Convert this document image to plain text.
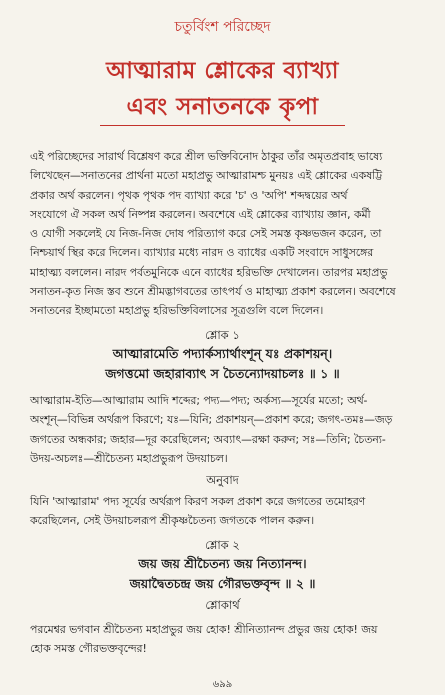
চতুর্বিংশ পরিচ্ছেদ
আত্মারাম শ্লোকের ব্যাখ্যা
এবং সনাতনকে কৃপা
এই পরিচ্ছেদের সারার্থ বিশ্লেষণ করে শ্রীল ভক্তিবিনোদ ঠাকুর তাঁর অমৃতপ্রবাহ ভাষ্যে
লিখেছেন—সনাতনের প্রার্থনা মতো মহাপ্রভু আত্মারামশ্চ মুনয়ঃ এই শ্লোকের একষট্টি
প্রকার অর্থ করলেন। পৃথক পৃথক পদ ব্যাখ্যা করে 'চ' ও 'অপি' শব্দদ্বয়ের অর্থ
সংযোগে ঐ সকল অর্থ নিষ্পন্ন করলেন। অবশেষে এই শ্লোকের ব্যাখ্যায় জ্ঞান, কর্মী
ও যোগী সকলেই যে নিজ-নিজ দোষ পরিত্যাগ করে সেই সমস্ত কৃষ্ণভজন করেন, তা
নিশ্চয়ার্থ স্থির করে দিলেন। ব্যাখ্যার মধ্যে নারদ ও ব্যাধের একটি সংবাদে সাধুসঙ্গের
মাহাত্ম্য বললেন। নারদ পর্বতমুনিকে এনে ব্যাধের হরিভক্তি দেখালেন। তারপর মহাপ্রভু
সনাতন-কৃত নিজ স্তব শুনে শ্রীমদ্ভাগবতের তাৎপর্য ও মাহাত্ম্য প্রকাশ করলেন। অবশেষে
সনাতনের ইচ্ছামতো মহাপ্রভু হরিভক্তিবিলাসের সূত্রগুলি বলে দিলেন।
শ্লোক ১
আত্মারামেতি পদ্যার্কস্যার্থাংশূন্‌ যঃ প্রকাশয়ন্‌।
জগত্তমো জহারাব্যাৎ স চৈতন্যোদয়াচলঃ ॥ ১ ॥
আত্মারাম-ইতি—আত্মারাম আদি শব্দের; পদ্য—পদ্য; অর্কস্য—সূর্যের মতো; অর্থ-
অংশূন্‌—বিভিন্ন অর্থরূপ কিরণে; যঃ—যিনি; প্রকাশয়ন্‌—প্রকাশ করে; জগৎ-তমঃ—জড়
জগতের অন্ধকার; জহার—দূর করেছিলেন; অব্যাৎ—রক্ষা করুন; সঃ—তিনি; চৈতন্য-
উদয়-অচলঃ—শ্রীচৈতন্য মহাপ্রভুরূপ উদয়াচল।
অনুবাদ
যিনি 'আত্মারাম' পদ্য সূর্যের অর্থরূপ কিরণ সকল প্রকাশ করে জগতের তমোহরণ
করেছিলেন, সেই উদয়াচলরূপ শ্রীকৃষ্ণচৈতন্য জগতকে পালন করুন।
শ্লোক ২
জয় জয় শ্রীচৈতন্য জয় নিত্যানন্দ।
জয়াদ্বৈতচন্দ্র জয় গৌরভক্তবৃন্দ ॥ ২ ॥
শ্লোকার্থ
পরমেশ্বর ভগবান শ্রীচৈতন্য মহাপ্রভুর জয় হোক! শ্রীনিত্যানন্দ প্রভুর জয় হোক! জয়
হোক সমস্ত গৌরভক্তবৃন্দের!
৬৯৯
